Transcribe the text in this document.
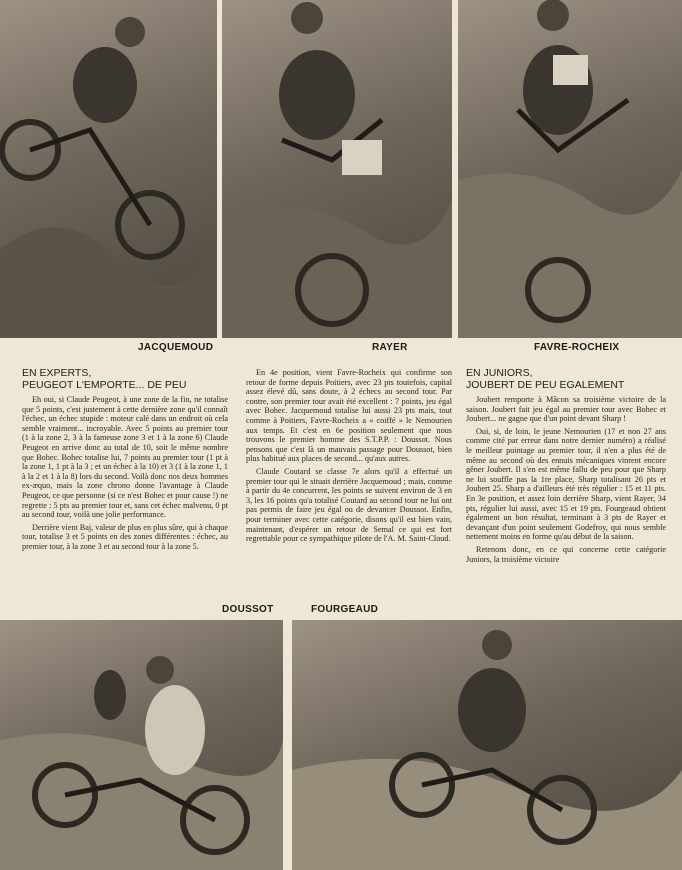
JACQUEMOUD	RAYER	FAVRE-ROCHEIX
EN EXPERTS,
PEUGEOT L'EMPORTE... DE PEU

Eh oui, si Claude Peugeot, à une zone de la fin, ne totalise que 5 points, c'est justement à cette dernière zone qu'il connaît l'échec, un échec stupide : moteur calé dans un endroit où cela semble vraiment... incroyable. Avec 5 points au premier tour (1 à la zone 2, 3 à la fameuse zone 3 et 1 à la zone 6) Claude Peugeot en arrive donc au total de 10, soit le même nombre que Bohec. Bohec totalise lui, 7 points au premier tour (1 pt à la zone 1, 1 pt à la 3 ; et un échec à la 10) et 3 (1 à la zone 1, 1 à la 2 et 1 à la 8) lors du second. Voilà donc nos deux hommes ex-æquo, mais la zone chrono donne l'avantage à Claude Peugeot, ce que personne (si ce n'est Bohec et pour cause !) ne regrette : 5 pts au premier tour et, sans cet échec malvenu, 0 pt au second tour, voilà une jolie performance.

Derrière vient Baj, valeur de plus en plus sûre, qui à chaque tour, totalise 3 et 5 points en des zones différentes : échec, au premier tour, à la zone 3 et au second tour à la zone 5.

En 4e position, vient Favre-Rocheix qui confirme son retour de forme depuis Poitiers, avec 23 pts toutefois, capital assez élevé dû, sans doute, à 2 échecs au second tour. Par contre, son premier tour avait été excellent : 7 points, jeu égal avec Bohec. Jacquemoud totalise lui aussi 23 pts mais, tout comme à Poitiers, Favre-Rocheix a « coiffé » le Nemourien aux temps. Et c'est en 6e position seulement que nous trouvons le premier homme des S.T.P.P. : Doussot. Nous pensons que c'est là un mauvais passage pour Doussot, bien plus habitué aux places de second... qu'aux autres.

Claude Coutard se classe 7e alors qu'il a effectué un premier tour qui le situait derrière Jacquemoud ; mais, comme à partir du 4e concurrent, les points se suivent environ de 3 en 3, les 16 points qu'a totalisé Coutard au second tour ne lui ont pas permis de faire jeu égal ou de devancer Doussot. Enfin, pour terminer avec cette catégorie, disons qu'il est bien vain, maintenant, d'espérer un retour de Semal ce qui est fort regrettable pour ce sympathique pilote de l'A. M. Saint-Cloud.

EN JUNIORS,
JOUBERT DE PEU EGALEMENT

Joubert remporte à Mâcon sa troisième victoire de la saison. Joubert fait jeu égal au premier tour avec Bohec et Joubert... ne gagne que d'un point devant Sharp !

Oui, si, de loin, le jeune Nemourien (17 et non 27 ans comme cité par erreur dans notre dernier numéro) a réalisé le meilleur pointage au premier tour, il n'en a plus été de même au second où des ennuis mécaniques vinrent encore gêner Joubert. Il s'en est même fallu de peu pour que Sharp ne lui souffle pas la 1re place, Sharp totalisant 26 pts et Joubert 25. Sharp a d'ailleurs été très régulier : 15 et 11 pts. En 3e position, et assez loin derrière Sharp, vient Rayer, 34 pts, régulier lui aussi, avec 15 et 19 pts. Fourgeaud obtient également un bon résultat, terminant à 3 pts de Rayer et devançant d'un point seulement Godefroy, qui nous semble nettement moins en forme qu'au début de la saison.

Retenons donc, en ce qui concerne cette catégorie Juniors, la troisième victoire

DOUSSOT	FOURGEAUD
